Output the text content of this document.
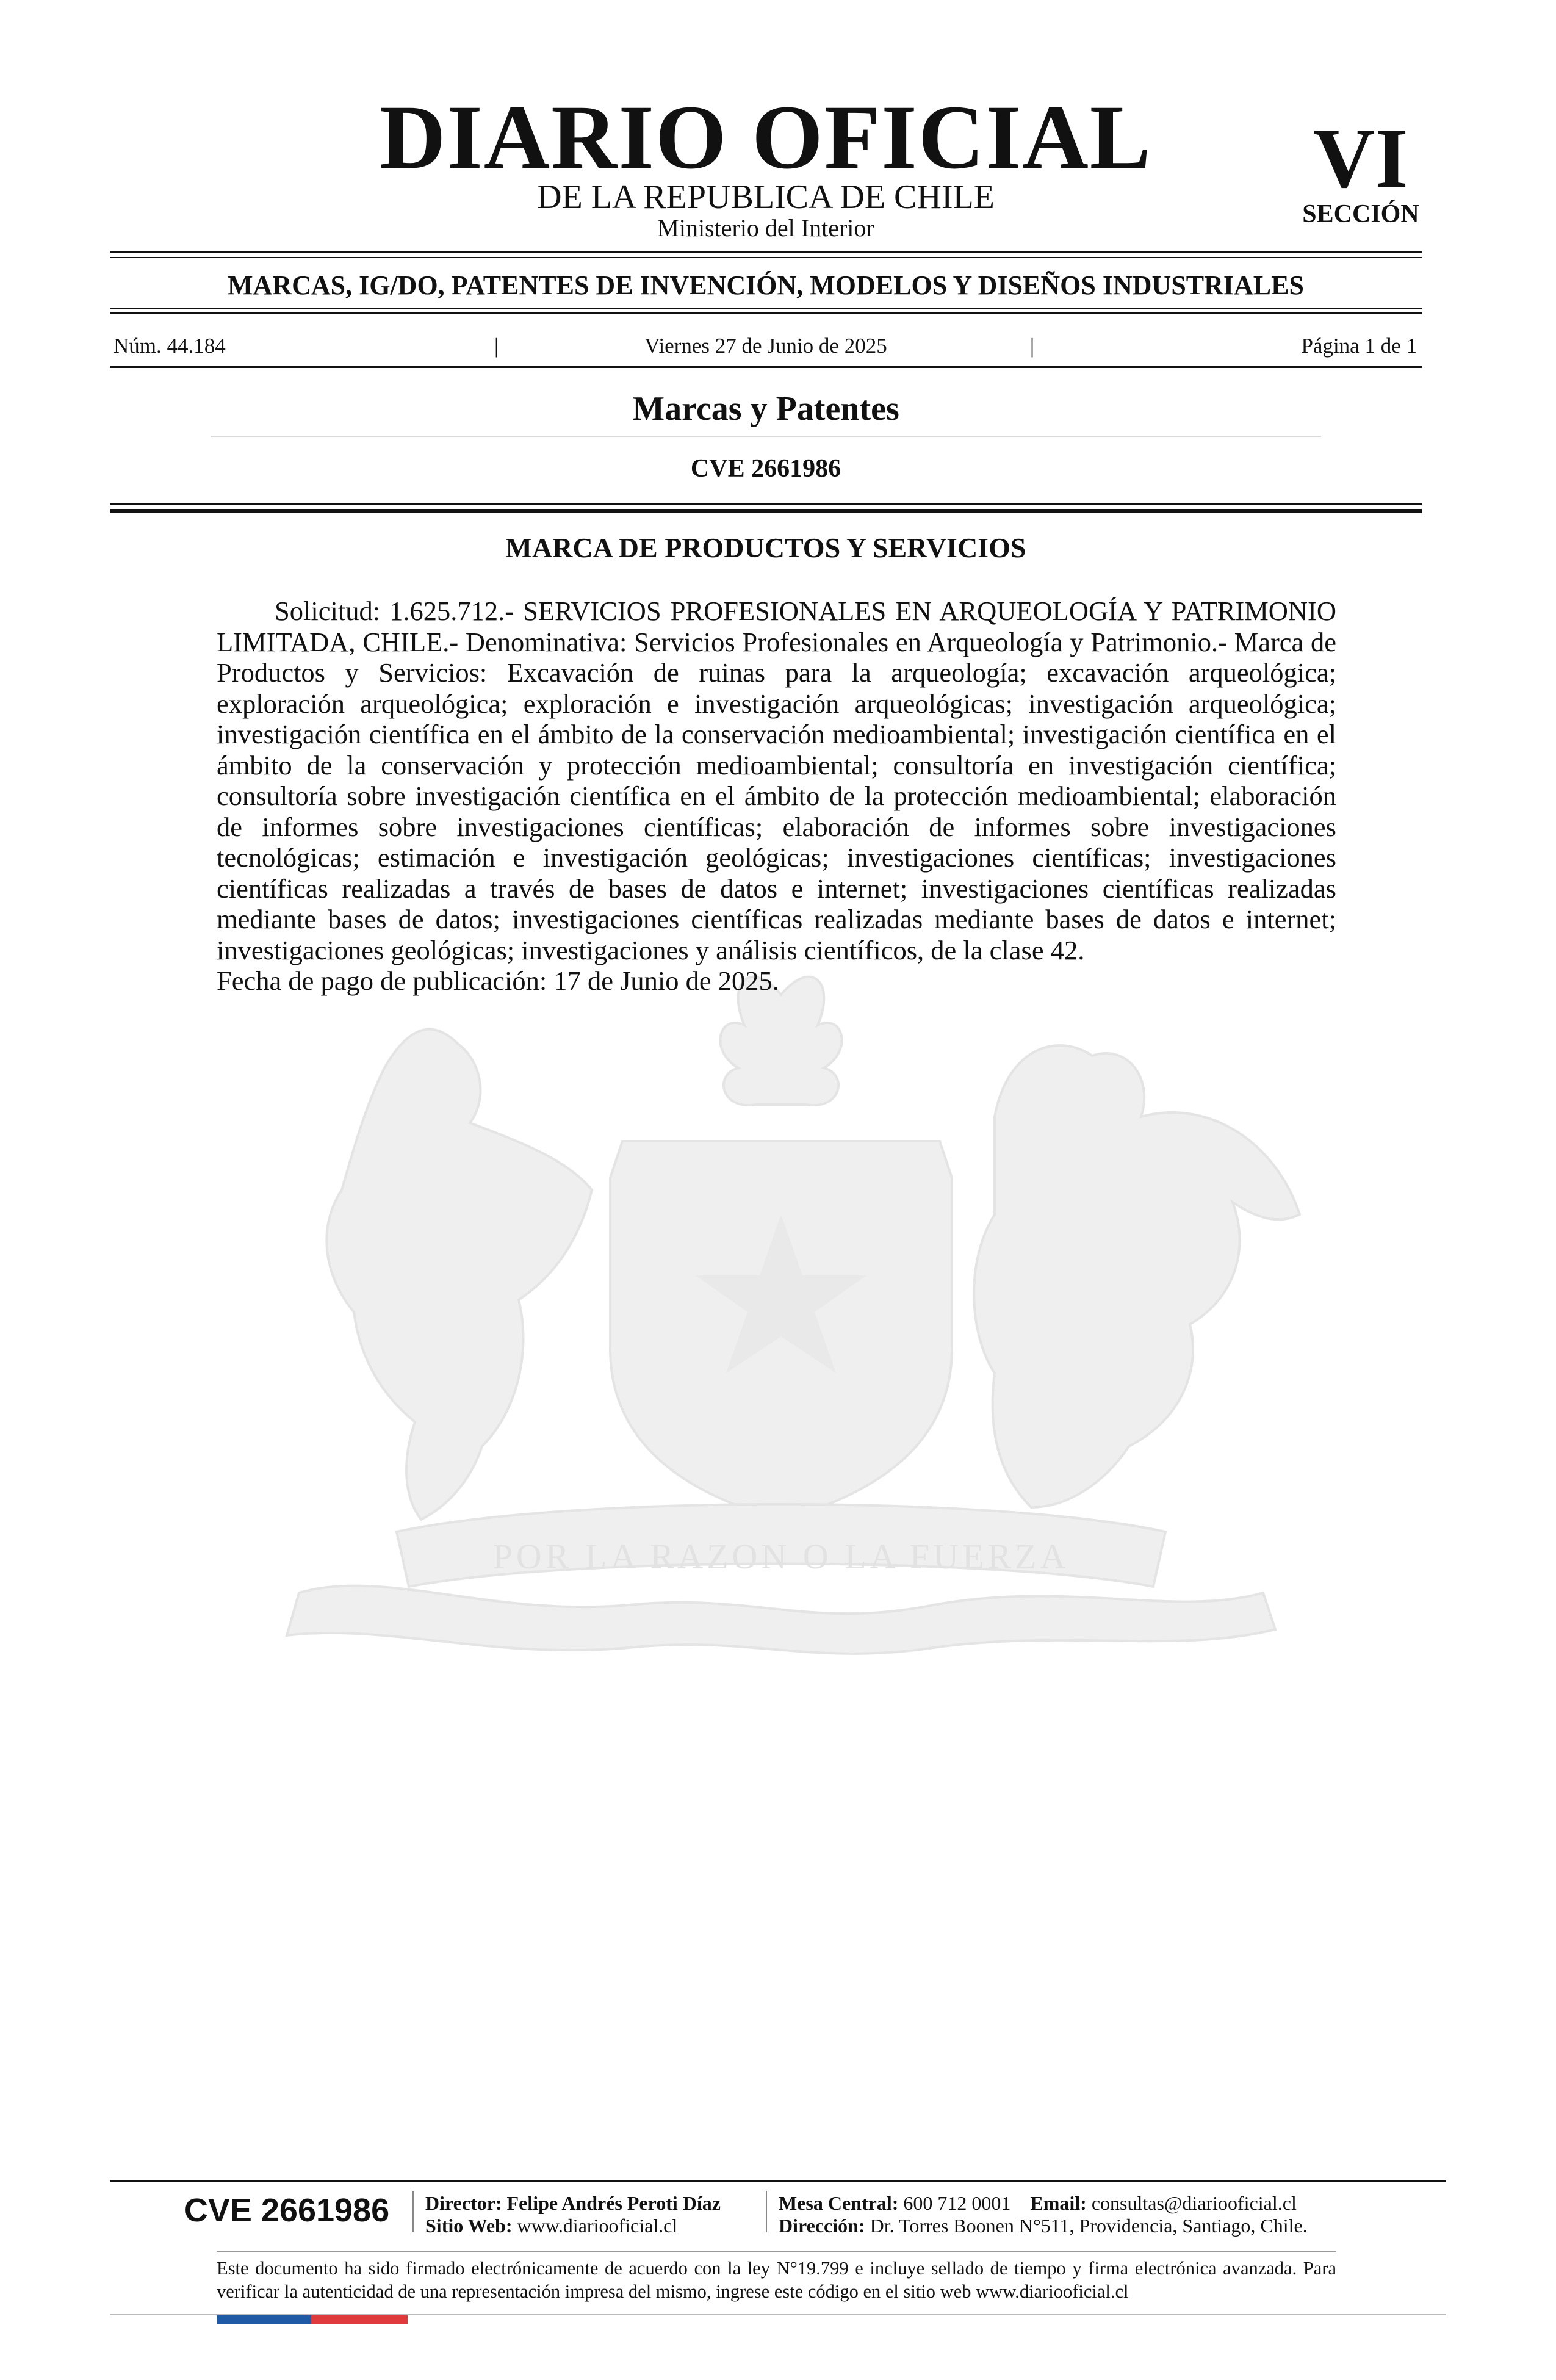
DIARIO OFICIAL
DE LA REPUBLICA DE CHILE
Ministerio del Interior
VI
SECCIÓN
MARCAS, IG/DO, PATENTES DE INVENCIÓN, MODELOS Y DISEÑOS INDUSTRIALES
Núm. 44.184	|	Viernes 27 de Junio de 2025	|	Página 1 de 1
Marcas y Patentes
CVE 2661986
POR LA RAZON O LA FUERZA
MARCA DE PRODUCTOS Y SERVICIOS

Solicitud: 1.625.712.- SERVICIOS PROFESIONALES EN ARQUEOLOGÍA Y PATRIMONIO LIMITADA, CHILE.- Denominativa: Servicios Profesionales en Arqueología y Patrimonio.- Marca de Productos y Servicios: Excavación de ruinas para la arqueología; excavación arqueológica; exploración arqueológica; exploración e investigación arqueológicas; investigación arqueológica; investigación científica en el ámbito de la conservación medioambiental; investigación científica en el ámbito de la conservación y protección medioambiental; consultoría en investigación científica; consultoría sobre investigación científica en el ámbito de la protección medioambiental; elaboración de informes sobre investigaciones científicas; elaboración de informes sobre investigaciones tecnológicas; estimación e investigación geológicas; investigaciones científicas; investigaciones científicas realizadas a través de bases de datos e internet; investigaciones científicas realizadas mediante bases de datos; investigaciones científicas realizadas mediante bases de datos e internet; investigaciones geológicas; investigaciones y análisis científicos, de la clase 42.

Fecha de pago de publicación: 17 de Junio de 2025.

CVE 2661986	Director: Felipe Andrés Peroti Díaz
Sitio Web: www.diariooficial.cl
Mesa Central: 600 712 0001 Email: consultas@diariooficial.cl
Dirección: Dr. Torres Boonen N°511, Providencia, Santiago, Chile.
Este documento ha sido firmado electrónicamente de acuerdo con la ley N°19.799 e incluye sellado de tiempo y firma electrónica avanzada. Para verificar la autenticidad de una representación impresa del mismo, ingrese este código en el sitio web www.diariooficial.cl
